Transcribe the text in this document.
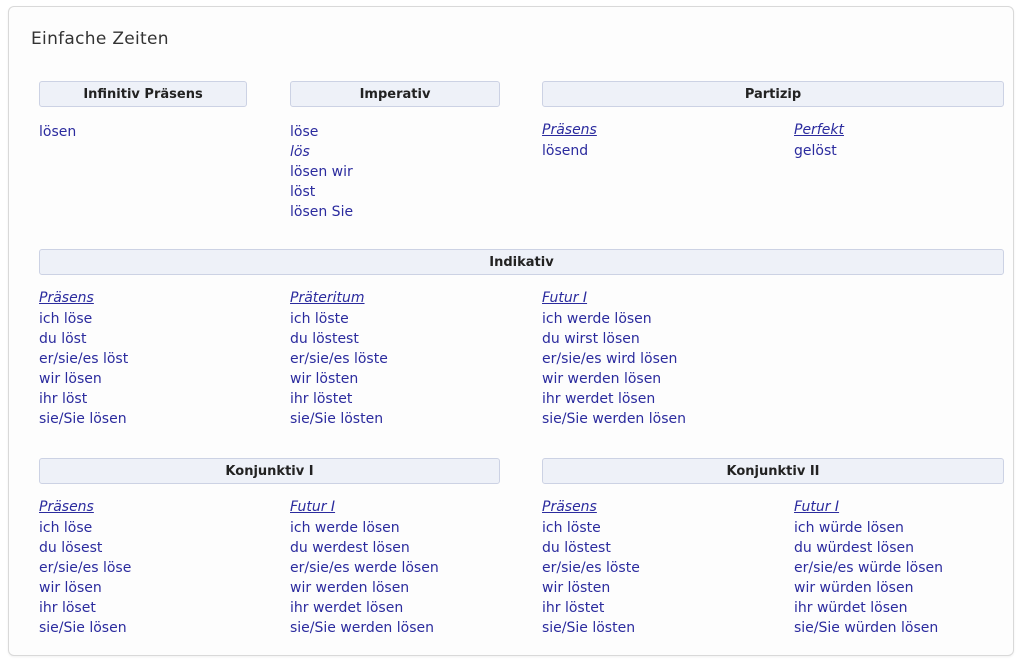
Einfache Zeiten
Infinitiv Präsens
lösen
Imperativ
löse
lös
lösen wir
löst
lösen Sie
Partizip
Präsens
lösend
Perfekt
gelöst
Indikativ
Präsens
ich löse
du löst
er/sie/es löst
wir lösen
ihr löst
sie/Sie lösen
Präteritum
ich löste
du löstest
er/sie/es löste
wir lösten
ihr löstet
sie/Sie lösten
Futur I
ich werde lösen
du wirst lösen
er/sie/es wird lösen
wir werden lösen
ihr werdet lösen
sie/Sie werden lösen
Konjunktiv I
Präsens
ich löse
du lösest
er/sie/es löse
wir lösen
ihr löset
sie/Sie lösen
Futur I
ich werde lösen
du werdest lösen
er/sie/es werde lösen
wir werden lösen
ihr werdet lösen
sie/Sie werden lösen
Konjunktiv II
Präsens
ich löste
du löstest
er/sie/es löste
wir lösten
ihr löstet
sie/Sie lösten
Futur I
ich würde lösen
du würdest lösen
er/sie/es würde lösen
wir würden lösen
ihr würdet lösen
sie/Sie würden lösen
